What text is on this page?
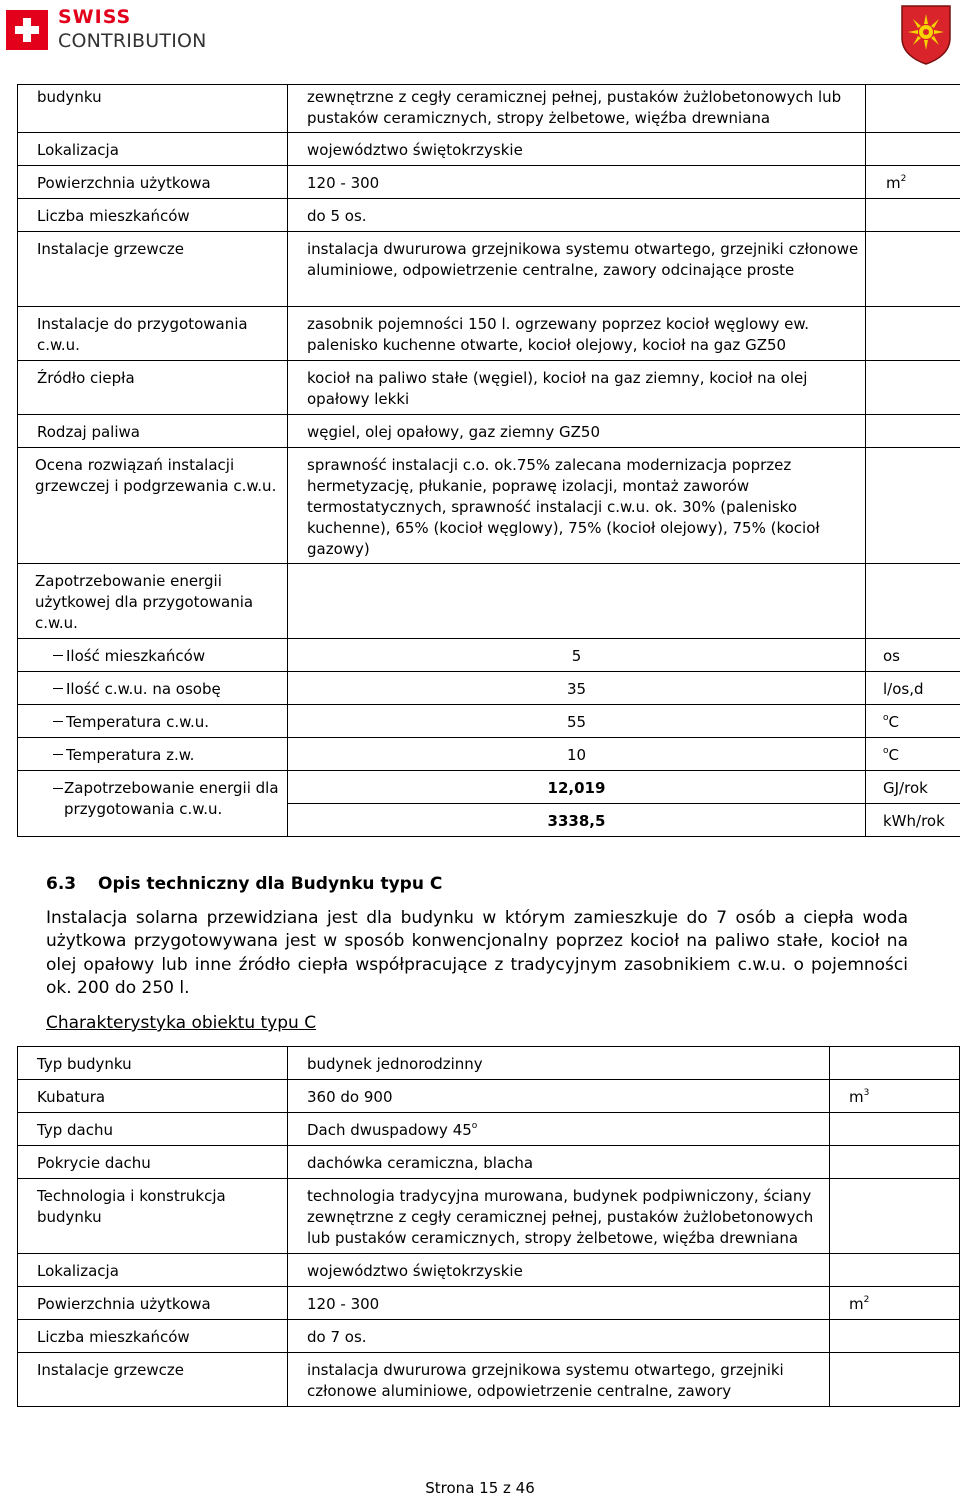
SWISS
CONTRIBUTION
budynku	zewnętrzne z cegły ceramicznej pełnej, pustaków żużlobetonowych lub pustaków ceramicznych, stropy żelbetowe, więźba drewniana	

Lokalizacja	województwo świętokrzyskie	

Powierzchnia użytkowa	120 - 300	$m^2$

Liczba mieszkańców	do 5 os.	

Instalacje grzewcze	instalacja dwururowa grzejnikowa systemu otwartego, grzejniki członowe aluminiowe, odpowietrzenie centralne, zawory odcinające proste	

Instalacje do przygotowania c.w.u.	zasobnik pojemności 150 l. ogrzewany poprzez kocioł węglowy ew. palenisko kuchenne otwarte, kocioł olejowy, kocioł na gaz GZ50	

Źródło ciepła	kocioł na paliwo stałe (węgiel), kocioł na gaz ziemny, kocioł na olej opałowy lekki	

Rodzaj paliwa	węgiel, olej opałowy, gaz ziemny GZ50	

Ocena rozwiązań instalacji grzewczej i podgrzewania c.w.u.	sprawność instalacji c.o. ok.75% zalecana modernizacja poprzez hermetyzację, płukanie, poprawę izolacji, montaż zaworów termostatycznych, sprawność instalacji c.w.u. ok. 30% (palenisko kuchenne), 65% (kocioł węglowy), 75% (kocioł olejowy), 75% (kocioł gazowy)	

Zapotrzebowanie energii użytkowej dla przygotowania c.w.u.		

Ilość mieszkańców	5	os

Ilość c.w.u. na osobę	35	l/os,d

Temperatura c.w.u.	55	$^o$C

Temperatura z.w.	10	$^o$C

Zapotrzebowanie energii dla przygotowania c.w.u.	12,019	GJ/rok

	3338,5	kWh/rok
6.3 Opis techniczny dla Budynku typu C
Instalacja solarna przewidziana jest dla budynku w którym zamieszkuje do 7 osób a ciepła woda użytkowa przygotowywana jest w sposób konwencjonalny poprzez kocioł na paliwo stałe, kocioł na olej opałowy lub inne źródło ciepła współpracujące z tradycyjnym zasobnikiem c.w.u. o pojemności ok. 200 do 250 l.
Charakterystyka obiektu typu C
Typ budynku	budynek jednorodzinny	

Kubatura	360 do 900	$m^3$

Typ dachu	Dach dwuspadowy 45$^o$

Pokrycie dachu	dachówka ceramiczna, blacha	

Technologia i konstrukcja budynku	technologia tradycyjna murowana, budynek podpiwniczony, ściany zewnętrzne z cegły ceramicznej pełnej, pustaków żużlobetonowych lub pustaków ceramicznych, stropy żelbetowe, więźba drewniana	

Lokalizacja	województwo świętokrzyskie	

Powierzchnia użytkowa	120 - 300	$m^2$

Liczba mieszkańców	do 7 os.	

Instalacje grzewcze	instalacja dwururowa grzejnikowa systemu otwartego, grzejniki członowe aluminiowe, odpowietrzenie centralne, zawory	

Strona 15 z 46
